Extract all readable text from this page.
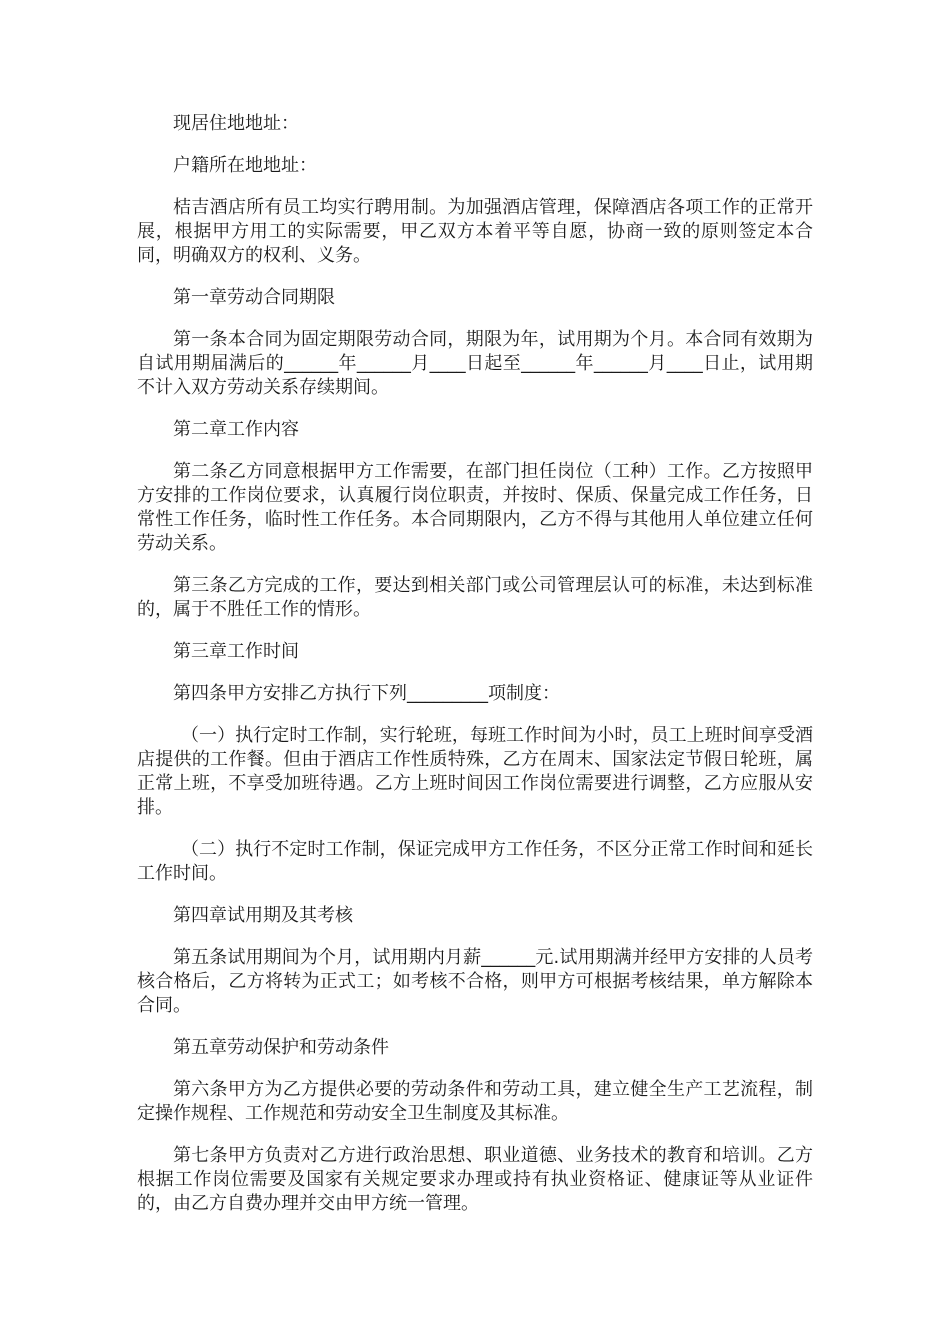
现居住地地址：

户籍所在地地址：

桔吉酒店所有员工均实行聘用制。为加强酒店管理，保障酒店各项工作的正常开展，根据甲方用工的实际需要，甲乙双方本着平等自愿，协商一致的原则签定本合同，明确双方的权利、义务。

第一章劳动合同期限

第一条本合同为固定期限劳动合同，期限为年，试用期为个月。本合同有效期为自试用期届满后的______年______月____日起至______年______月____日止，试用期不计入双方劳动关系存续期间。

第二章工作内容

第二条乙方同意根据甲方工作需要，在部门担任岗位（工种）工作。乙方按照甲方安排的工作岗位要求，认真履行岗位职责，并按时、保质、保量完成工作任务，日常性工作任务，临时性工作任务。本合同期限内，乙方不得与其他用人单位建立任何劳动关系。

第三条乙方完成的工作，要达到相关部门或公司管理层认可的标准，未达到标准的，属于不胜任工作的情形。

第三章工作时间

第四条甲方安排乙方执行下列_________项制度：

（一）执行定时工作制，实行轮班，每班工作时间为小时，员工上班时间享受酒店提供的工作餐。但由于酒店工作性质特殊，乙方在周末、国家法定节假日轮班，属正常上班，不享受加班待遇。乙方上班时间因工作岗位需要进行调整，乙方应服从安排。

（二）执行不定时工作制，保证完成甲方工作任务，不区分正常工作时间和延长工作时间。

第四章试用期及其考核

第五条试用期间为个月，试用期内月薪______元.试用期满并经甲方安排的人员考核合格后，乙方将转为正式工；如考核不合格，则甲方可根据考核结果，单方解除本合同。

第五章劳动保护和劳动条件

第六条甲方为乙方提供必要的劳动条件和劳动工具，建立健全生产工艺流程，制定操作规程、工作规范和劳动安全卫生制度及其标准。

第七条甲方负责对乙方进行政治思想、职业道德、业务技术的教育和培训。乙方根据工作岗位需要及国家有关规定要求办理或持有执业资格证、健康证等从业证件的，由乙方自费办理并交由甲方统一管理。
